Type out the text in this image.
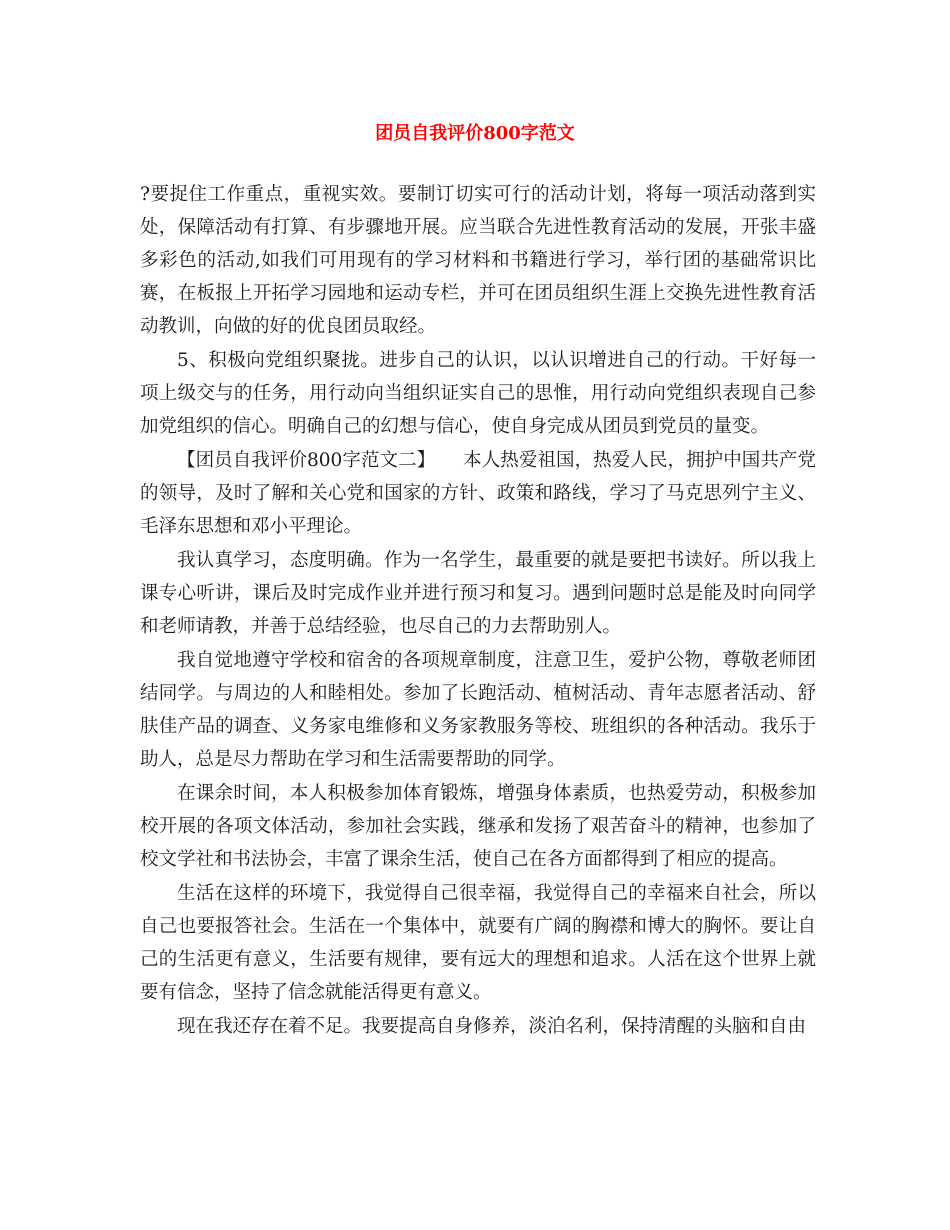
团员自我评价800字范文

?要捉住工作重点，重视实效。要制订切实可行的活动计划，将每一项活动落到实处，保障活动有打算、有步骤地开展。应当联合先进性教育活动的发展，开张丰盛多彩色的活动,如我们可用现有的学习材料和书籍进行学习，举行团的基础常识比赛，在板报上开拓学习园地和运动专栏，并可在团员组织生涯上交换先进性教育活动教训，向做的好的优良团员取经。

5、积极向党组织聚拢。进步自己的认识，以认识增进自己的行动。干好每一项上级交与的任务，用行动向当组织证实自己的思惟，用行动向党组织表现自己参加党组织的信心。明确自己的幻想与信心，使自身完成从团员到党员的量变。

【团员自我评价800字范文二】　　本人热爱祖国，热爱人民，拥护中国共产党的领导，及时了解和关心党和国家的方针、政策和路线，学习了马克思列宁主义、毛泽东思想和邓小平理论。

我认真学习，态度明确。作为一名学生，最重要的就是要把书读好。所以我上课专心听讲，课后及时完成作业并进行预习和复习。遇到问题时总是能及时向同学和老师请教，并善于总结经验，也尽自己的力去帮助别人。

我自觉地遵守学校和宿舍的各项规章制度，注意卫生，爱护公物，尊敬老师团结同学。与周边的人和睦相处。参加了长跑活动、植树活动、青年志愿者活动、舒肤佳产品的调查、义务家电维修和义务家教服务等校、班组织的各种活动。我乐于助人，总是尽力帮助在学习和生活需要帮助的同学。

在课余时间，本人积极参加体育锻炼，增强身体素质，也热爱劳动，积极参加校开展的各项文体活动，参加社会实践，继承和发扬了艰苦奋斗的精神，也参加了校文学社和书法协会，丰富了课余生活，使自己在各方面都得到了相应的提高。

生活在这样的环境下，我觉得自己很幸福，我觉得自己的幸福来自社会，所以自己也要报答社会。生活在一个集体中，就要有广阔的胸襟和博大的胸怀。要让自己的生活更有意义，生活要有规律，要有远大的理想和追求。人活在这个世界上就要有信念，坚持了信念就能活得更有意义。

现在我还存在着不足。我要提高自身修养，淡泊名利，保持清醒的头脑和自由
